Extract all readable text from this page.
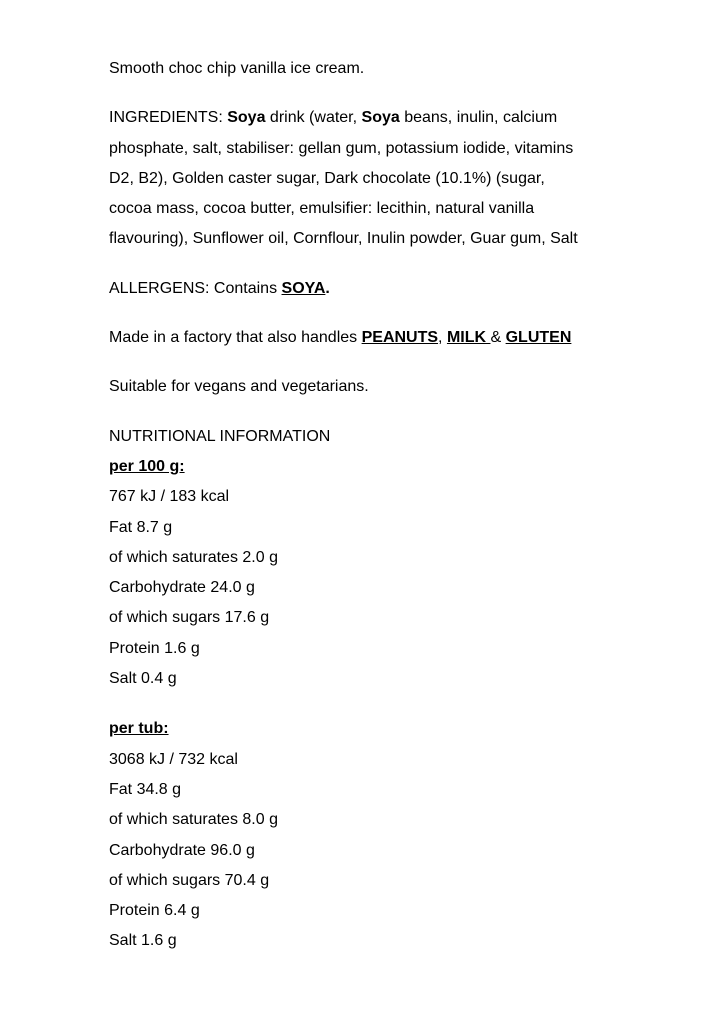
Smooth choc chip vanilla ice cream.
INGREDIENTS: Soya drink (water, Soya beans, inulin, calcium
phosphate, salt, stabiliser: gellan gum, potassium iodide, vitamins
D2, B2), Golden caster sugar, Dark chocolate (10.1%) (sugar,
cocoa mass, cocoa butter, emulsifier: lecithin, natural vanilla
flavouring), Sunflower oil, Cornflour, Inulin powder, Guar gum, Salt
ALLERGENS: Contains SOYA.
Made in a factory that also handles PEANUTS, MILK & GLUTEN
Suitable for vegans and vegetarians.
NUTRITIONAL INFORMATION
per 100 g:
767 kJ / 183 kcal
Fat 8.7 g
of which saturates 2.0 g
Carbohydrate 24.0 g
of which sugars 17.6 g
Protein 1.6 g
Salt 0.4 g
per tub:
3068 kJ / 732 kcal
Fat 34.8 g
of which saturates 8.0 g
Carbohydrate 96.0 g
of which sugars 70.4 g
Protein 6.4 g
Salt 1.6 g
